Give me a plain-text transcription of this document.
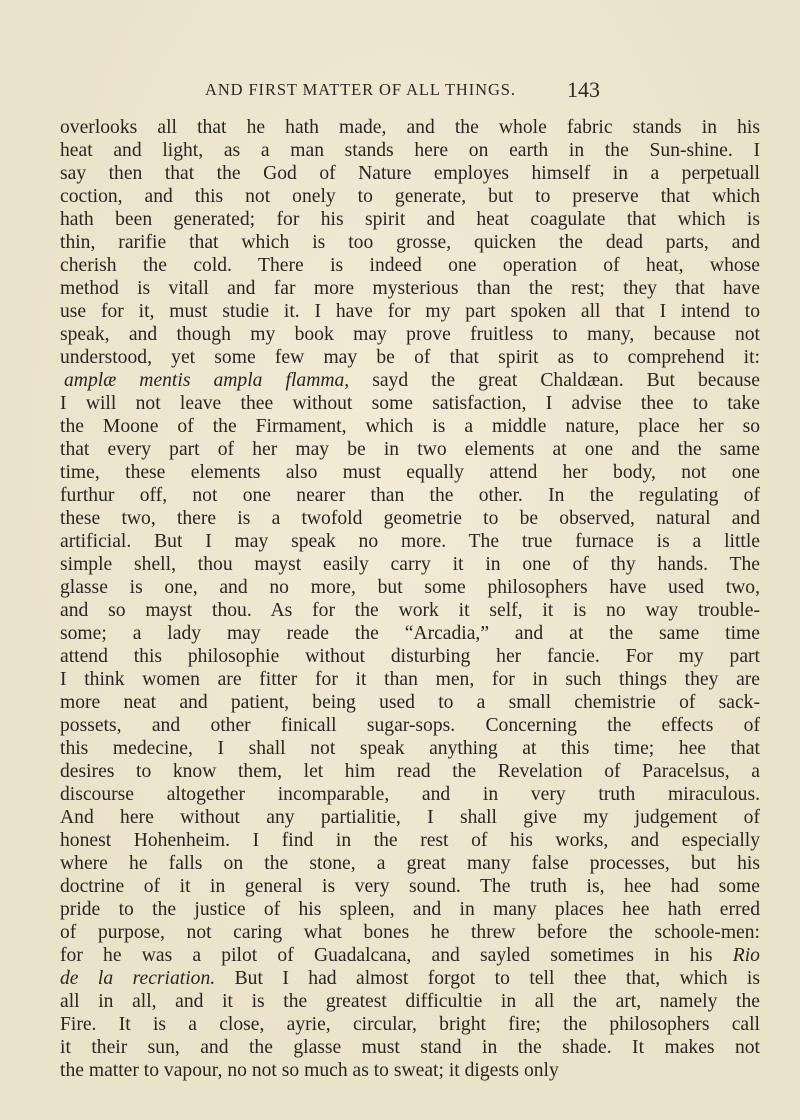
AND FIRST MATTER OF ALL THINGS. 143
overlooks all that he hath made, and the whole fabric stands in his
heat and light, as a man stands here on earth in the Sun-shine. I
say then that the God of Nature employes himself in a perpetuall
coction, and this not onely to generate, but to preserve that which
hath been generated; for his spirit and heat coagulate that which is
thin, rarifie that which is too grosse, quicken the dead parts, and
cherish the cold. There is indeed one operation of heat, whose
method is vitall and far more mysterious than the rest; they that have
use for it, must studie it. I have for my part spoken all that I intend to
speak, and though my book may prove fruitless to many, because not
understood, yet some few may be of that spirit as to comprehend it:
amplæ mentis ampla flamma, sayd the great Chaldæan. But because
I will not leave thee without some satisfaction, I advise thee to take
the Moone of the Firmament, which is a middle nature, place her so
that every part of her may be in two elements at one and the same
time, these elements also must equally attend her body, not one
furthur off, not one nearer than the other. In the regulating of
these two, there is a twofold geometrie to be observed, natural and
artificial. But I may speak no more. The true furnace is a little
simple shell, thou mayst easily carry it in one of thy hands. The
glasse is one, and no more, but some philosophers have used two,
and so mayst thou. As for the work it self, it is no way trouble-
some; a lady may reade the “Arcadia,” and at the same time
attend this philosophie without disturbing her fancie. For my part
I think women are fitter for it than men, for in such things they are
more neat and patient, being used to a small chemistrie of sack-
possets, and other finicall sugar-sops. Concerning the effects of
this medecine, I shall not speak anything at this time; hee that
desires to know them, let him read the Revelation of Paracelsus, a
discourse altogether incomparable, and in very truth miraculous.
And here without any partialitie, I shall give my judgement of
honest Hohenheim. I find in the rest of his works, and especially
where he falls on the stone, a great many false processes, but his
doctrine of it in general is very sound. The truth is, hee had some
pride to the justice of his spleen, and in many places hee hath erred
of purpose, not caring what bones he threw before the schoole-men:
for he was a pilot of Guadalcana, and sayled sometimes in his Rio
de la recriation. But I had almost forgot to tell thee that, which is
all in all, and it is the greatest difficultie in all the art, namely the
Fire. It is a close, ayrie, circular, bright fire; the philosophers call
it their sun, and the glasse must stand in the shade. It makes not
the matter to vapour, no not so much as to sweat; it digests only
